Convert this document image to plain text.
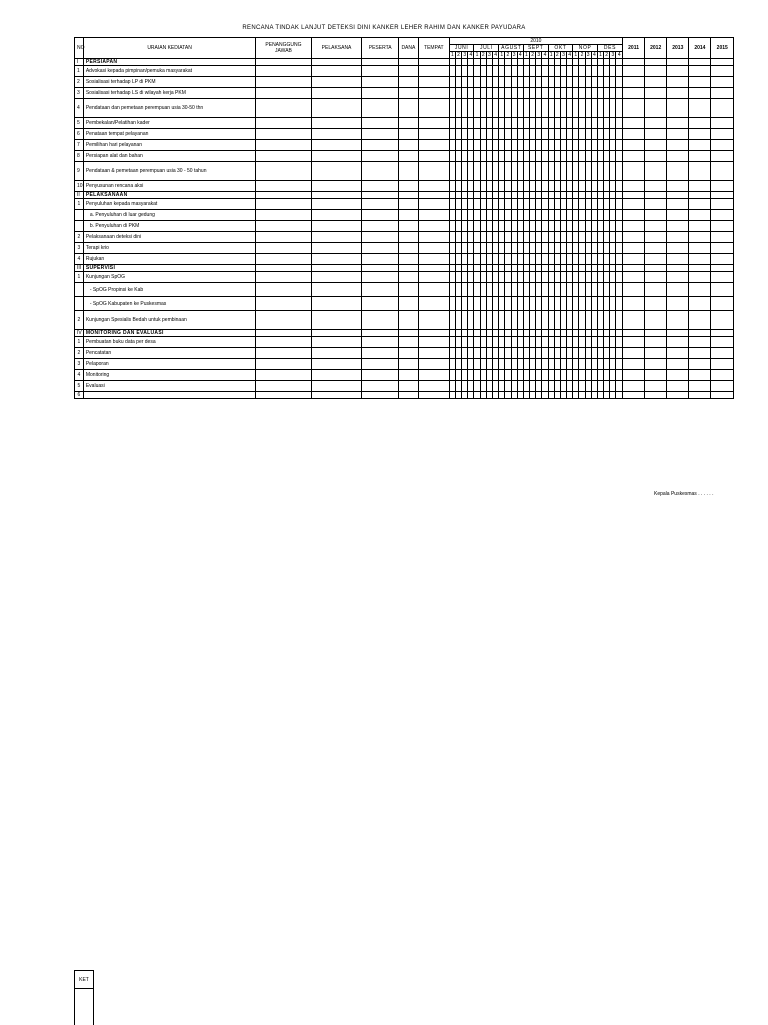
RENCANA TINDAK LANJUT DETEKSI DINI KANKER LEHER RAHIM DAN KANKER PAYUDARA
NO	URAIAN KEDIATAN	PENANGGUNG JAWAB	PELAKSANA	PESERTA	DANA	TEMPAT	2010																												2011	2012	2013	2014	2015
							JUNI				JULI				AGUST				SEPT				OKT				NOP				DES								
							1	2	3	4	1	2	3	4	1	2	3	4	1	2	3	4	1	2	3	4	1	2	3	4	1	2	3	4					
I	PERSIAPAN																																						
1	Advokasi kepada pimpinan/pemuka masyarakat																																						
2	Sosialisasi terhadap LP di PKM																																						
3	Sosialisasi terhadap LS di wilayah kerja PKM																																						
4	Pendataan dan pemetaan perempuan usia 30-50 thn																																						
5	Pembekalan/Pelatihan kader																																						
6	Penataan tempat pelayanan																																						
7	Pemilihan hari pelayanan																																						
8	Persiapan alat dan bahan																																						
9	Pendataan & pemetaan perempuan usia 30 - 50 tahun																																						
10	Penyusunan rencana aksi																																						
II	PELAKSANAAN																																						
1	Penyuluhan kepada masyarakat																																						
	a. Penyuluhan di luar gedung																																						
	b. Penyuluhan di PKM																																						
2	Pelaksanaan deteksi dini																																						
3	Terapi krio																																						
4	Rujukan																																						
III	SUPERVISI																																						
1	Kunjungan SpOG																																						
	- SpOG Propinsi ke Kab																																						
	- SpOG Kabupaten ke Puskesmas																																						
2	Kunjungan Spesialis Bedah untuk pembinaan																																						
IV	MONITORING DAN EVALUASI																																						
1	Pembuatan buku data per desa																																						
2	Pencatatan																																						
3	Pelaporan																																						
4	Monitoring																																						
5	Evaluasi																																						
6																																							
Kepala Puskesmas . . . . . .
KET
